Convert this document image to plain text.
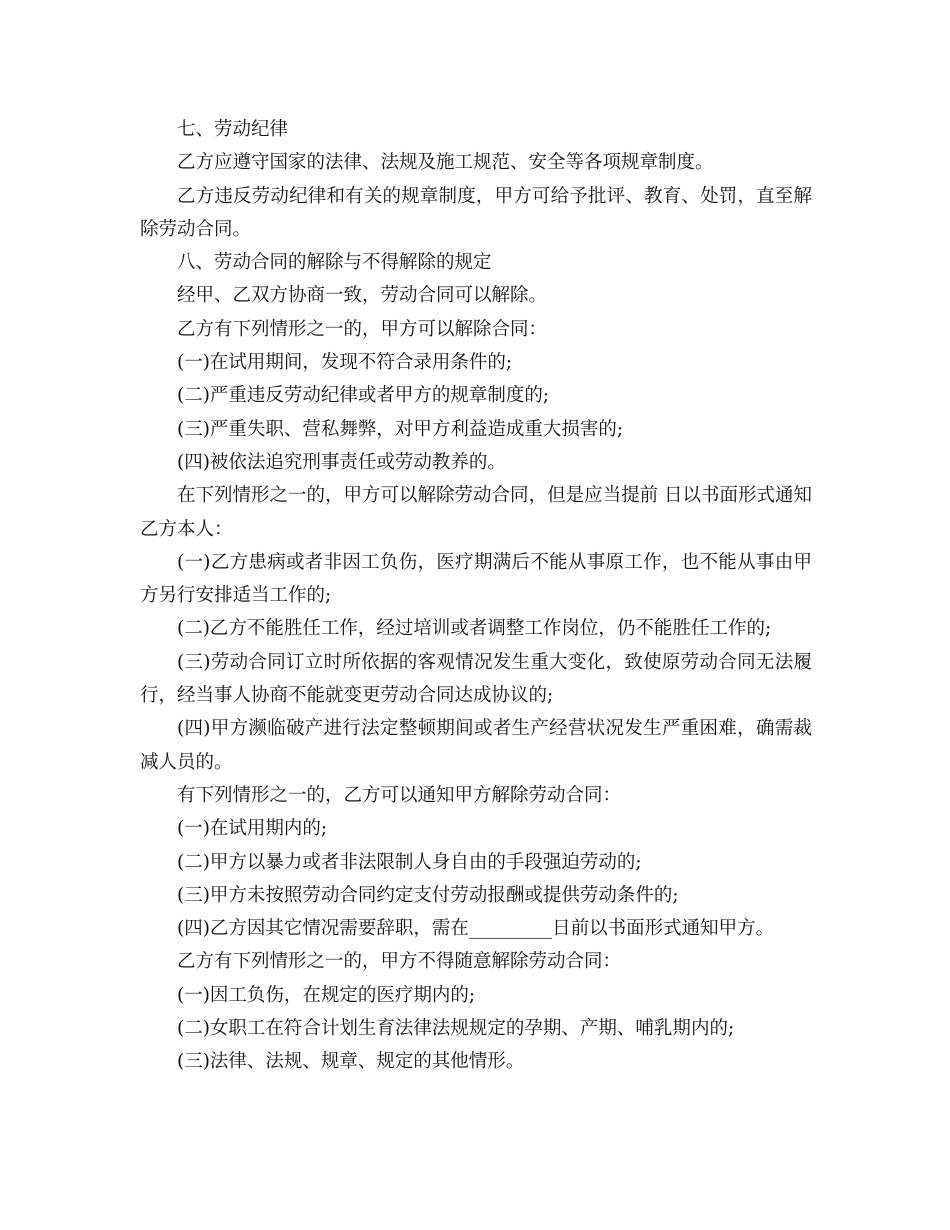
七、劳动纪律

乙方应遵守国家的法律、法规及施工规范、安全等各项规章制度。

乙方违反劳动纪律和有关的规章制度，甲方可给予批评、教育、处罚，直至解除劳动合同。

八、劳动合同的解除与不得解除的规定

经甲、乙双方协商一致，劳动合同可以解除。

乙方有下列情形之一的，甲方可以解除合同：

(一)在试用期间，发现不符合录用条件的;

(二)严重违反劳动纪律或者甲方的规章制度的;

(三)严重失职、营私舞弊，对甲方利益造成重大损害的;

(四)被依法追究刑事责任或劳动教养的。

在下列情形之一的，甲方可以解除劳动合同，但是应当提前 日以书面形式通知乙方本人：

(一)乙方患病或者非因工负伤，医疗期满后不能从事原工作，也不能从事由甲方另行安排适当工作的;

(二)乙方不能胜任工作，经过培训或者调整工作岗位，仍不能胜任工作的;

(三)劳动合同订立时所依据的客观情况发生重大变化，致使原劳动合同无法履行，经当事人协商不能就变更劳动合同达成协议的;

(四)甲方濒临破产进行法定整顿期间或者生产经营状况发生严重困难，确需裁减人员的。

有下列情形之一的，乙方可以通知甲方解除劳动合同：

(一)在试用期内的;

(二)甲方以暴力或者非法限制人身自由的手段强迫劳动的;

(三)甲方未按照劳动合同约定支付劳动报酬或提供劳动条件的;

(四)乙方因其它情况需要辞职，需在_________日前以书面形式通知甲方。

乙方有下列情形之一的，甲方不得随意解除劳动合同：

(一)因工负伤，在规定的医疗期内的;

(二)女职工在符合计划生育法律法规规定的孕期、产期、哺乳期内的;

(三)法律、法规、规章、规定的其他情形。
